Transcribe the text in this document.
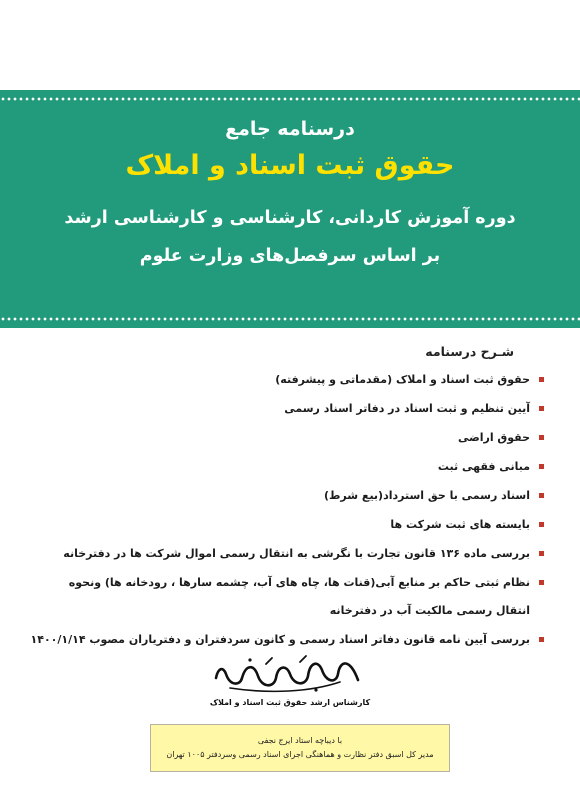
درسنامه جامع
حقوق ثبت اسناد و املاک
دوره آموزش کاردانی، کارشناسی و کارشناسی ارشد
بر اساس سرفصل‌های وزارت علوم
شـرح درسنامه
حقوق ثبت اسناد و املاک (مقدماتی و پیشرفته)
آیین تنظیم و ثبت اسناد در دفاتر اسناد رسمی
حقوق اراضی
مبانی فقهی ثبت
اسناد رسمی با حق استرداد(بیع شرط)
بایسته های ثبت شرکت ها
بررسی ماده ۱۳۶ قانون تجارت با نگرشی به انتقال رسمی اموال شرکت ها در دفترخانه
نظام ثبتی حاکم بر منابع آبی(قنات ها، چاه های آب، چشمه سارها ، رودخانه ها) ونحوه
انتقال رسمی مالکیت آب در دفترخانه
بررسی آیین نامه قانون دفاتر اسناد رسمی و کانون سردفتران و دفتریاران مصوب ۱۴۰۰/۱/۱۴
کارشناس ارشد حقوق ثبت اسناد و املاک
با دیباچه استاد ایرج نجفی
مدیر کل اسبق دفتر نظارت و هماهنگی اجرای اسناد رسمی وسردفتر ۱۰۰۵ تهران
